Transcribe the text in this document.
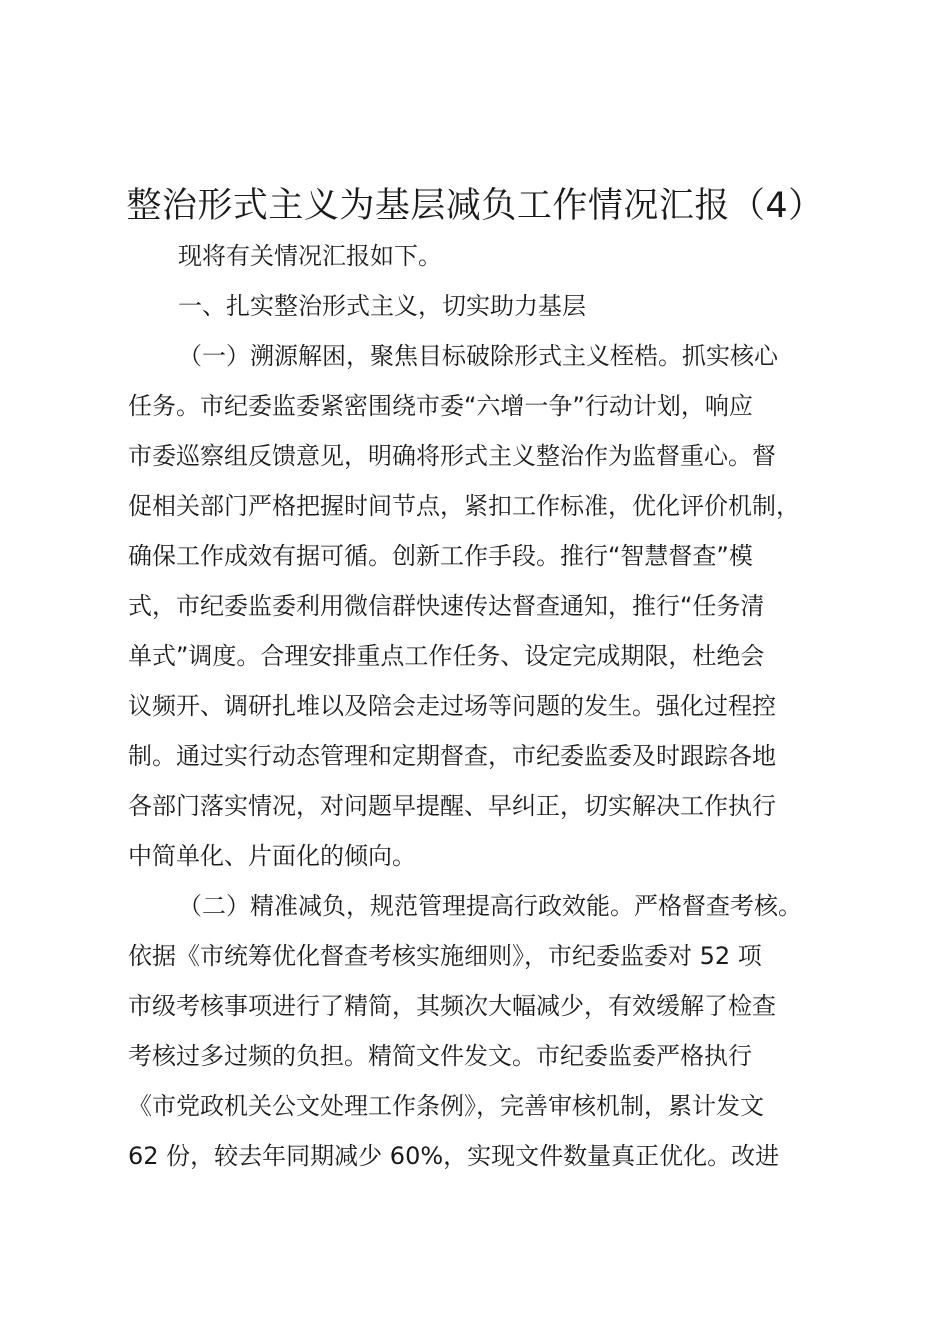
整治形式主义为基层减负工作情况汇报（4）

现将有关情况汇报如下。

一、扎实整治形式主义，切实助力基层

（一）溯源解困，聚焦目标破除形式主义桎梏。抓实核心

任务。市纪委监委紧密围绕市委“六增一争”行动计划，响应

市委巡察组反馈意见，明确将形式主义整治作为监督重心。督

促相关部门严格把握时间节点，紧扣工作标准，优化评价机制，

确保工作成效有据可循。创新工作手段。推行“智慧督查”模

式，市纪委监委利用微信群快速传达督查通知，推行“任务清

单式”调度。合理安排重点工作任务、设定完成期限，杜绝会

议频开、调研扎堆以及陪会走过场等问题的发生。强化过程控

制。通过实行动态管理和定期督查，市纪委监委及时跟踪各地

各部门落实情况，对问题早提醒、早纠正，切实解决工作执行

中简单化、片面化的倾向。

（二）精准减负，规范管理提高行政效能。严格督查考核。

依据《市统筹优化督查考核实施细则》，市纪委监委对 52 项

市级考核事项进行了精简，其频次大幅减少，有效缓解了检查

考核过多过频的负担。精简文件发文。市纪委监委严格执行

《市党政机关公文处理工作条例》，完善审核机制，累计发文

62 份，较去年同期减少 60%，实现文件数量真正优化。改进
